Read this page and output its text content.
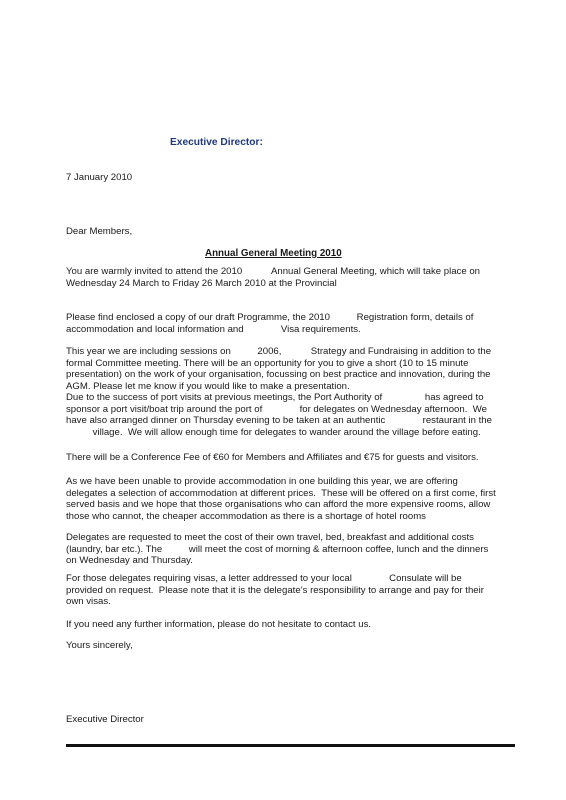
Executive Director:
7 January 2010
Dear Members,
Annual General Meeting 2010
You are warmly invited to attend the 2010           Annual General Meeting, which will take place on
Wednesday 24 March to Friday 26 March 2010 at the Provincial
Please find enclosed a copy of our draft Programme, the 2010          Registration form, details of
accommodation and local information and              Visa requirements.
This year we are including sessions on          2006,           Strategy and Fundraising in addition to the
formal Committee meeting. There will be an opportunity for you to give a short (10 to 15 minute
presentation) on the work of your organisation, focussing on best practice and innovation, during the
AGM. Please let me know if you would like to make a presentation.
Due to the success of port visits at previous meetings, the Port Authority of                has agreed to
sponsor a port visit/boat trip around the port of              for delegates on Wednesday afternoon.  We
have also arranged dinner on Thursday evening to be taken at an authentic              restaurant in the
village.  We will allow enough time for delegates to wander around the village before eating.
There will be a Conference Fee of €60 for Members and Affiliates and €75 for guests and visitors.
As we have been unable to provide accommodation in one building this year, we are offering
delegates a selection of accommodation at different prices.  These will be offered on a first come, first
served basis and we hope that those organisations who can afford the more expensive rooms, allow
those who cannot, the cheaper accommodation as there is a shortage of hotel rooms
Delegates are requested to meet the cost of their own travel, bed, breakfast and additional costs
(laundry, bar etc.). The          will meet the cost of morning & afternoon coffee, lunch and the dinners
on Wednesday and Thursday.
For those delegates requiring visas, a letter addressed to your local              Consulate will be
provided on request.  Please note that it is the delegate’s responsibility to arrange and pay for their
own visas.
If you need any further information, please do not hesitate to contact us.
Yours sincerely,
Executive Director
